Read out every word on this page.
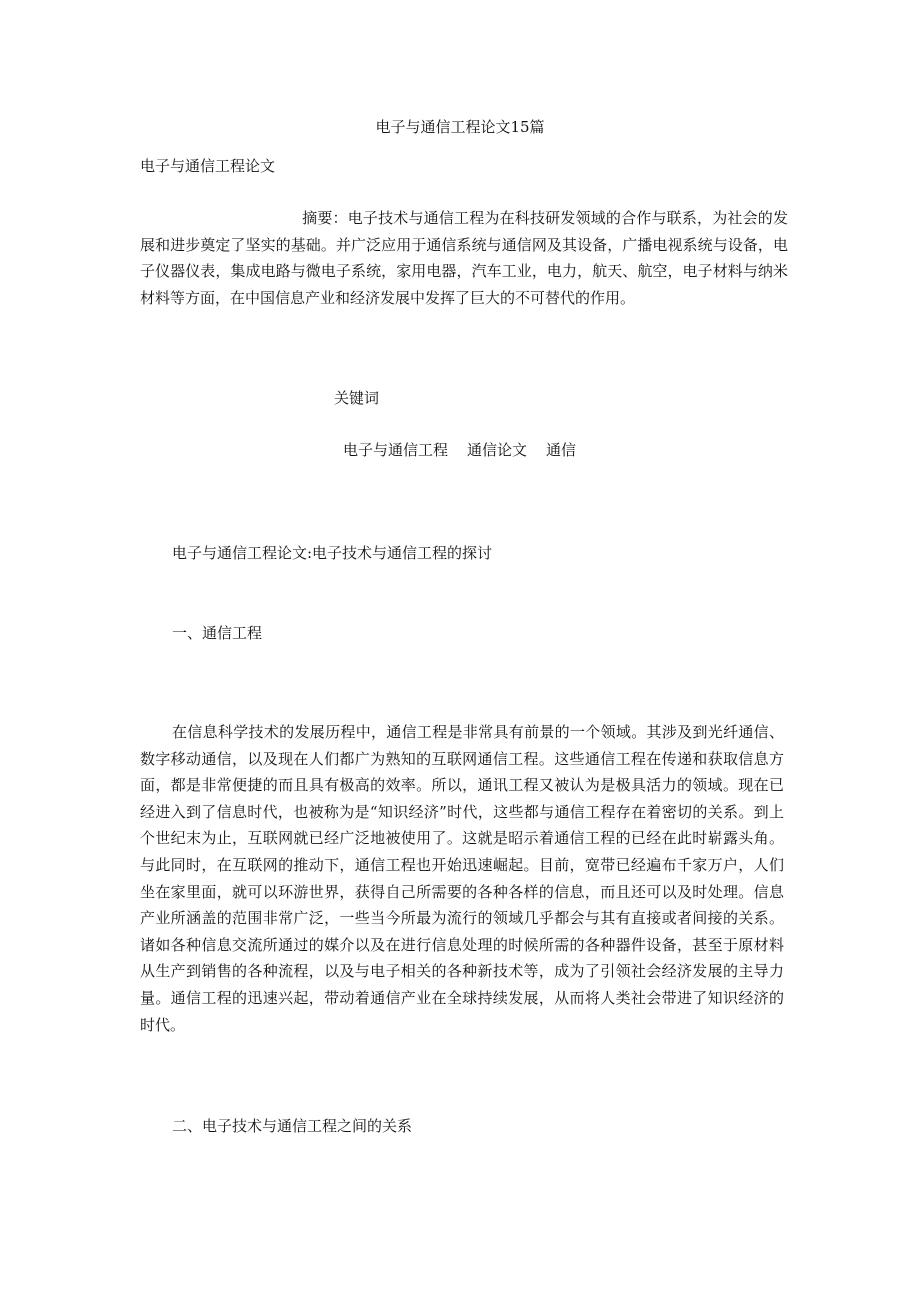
电子与通信工程论文15篇
电子与通信工程论文

摘要：电子技术与通信工程为在科技研发领域的合作与联系，为社会的发展和进步奠定了坚实的基础。并广泛应用于通信系统与通信网及其设备，广播电视系统与设备，电子仪器仪表，集成电路与微电子系统，家用电器，汽车工业，电力，航天、航空，电子材料与纳米材料等方面，在中国信息产业和经济发展中发挥了巨大的不可替代的作用。

关键词
电子与通信工程 通信论文 通信
电子与通信工程论文:电子技术与通信工程的探讨
一、通信工程

在信息科学技术的发展历程中，通信工程是非常具有前景的一个领域。其涉及到光纤通信、数字移动通信，以及现在人们都广为熟知的互联网通信工程。这些通信工程在传递和获取信息方面，都是非常便捷的而且具有极高的效率。所以，通讯工程又被认为是极具活力的领域。现在已经进入到了信息时代，也被称为是“知识经济”时代，这些都与通信工程存在着密切的关系。到上个世纪末为止，互联网就已经广泛地被使用了。这就是昭示着通信工程的已经在此时崭露头角。与此同时，在互联网的推动下，通信工程也开始迅速崛起。目前，宽带已经遍布千家万户，人们坐在家里面，就可以环游世界，获得自己所需要的各种各样的信息，而且还可以及时处理。信息产业所涵盖的范围非常广泛，一些当今所最为流行的领域几乎都会与其有直接或者间接的关系。诸如各种信息交流所通过的媒介以及在进行信息处理的时候所需的各种器件设备，甚至于原材料从生产到销售的各种流程，以及与电子相关的各种新技术等，成为了引领社会经济发展的主导力量。通信工程的迅速兴起，带动着通信产业在全球持续发展，从而将人类社会带进了知识经济的时代。

二、电子技术与通信工程之间的关系
